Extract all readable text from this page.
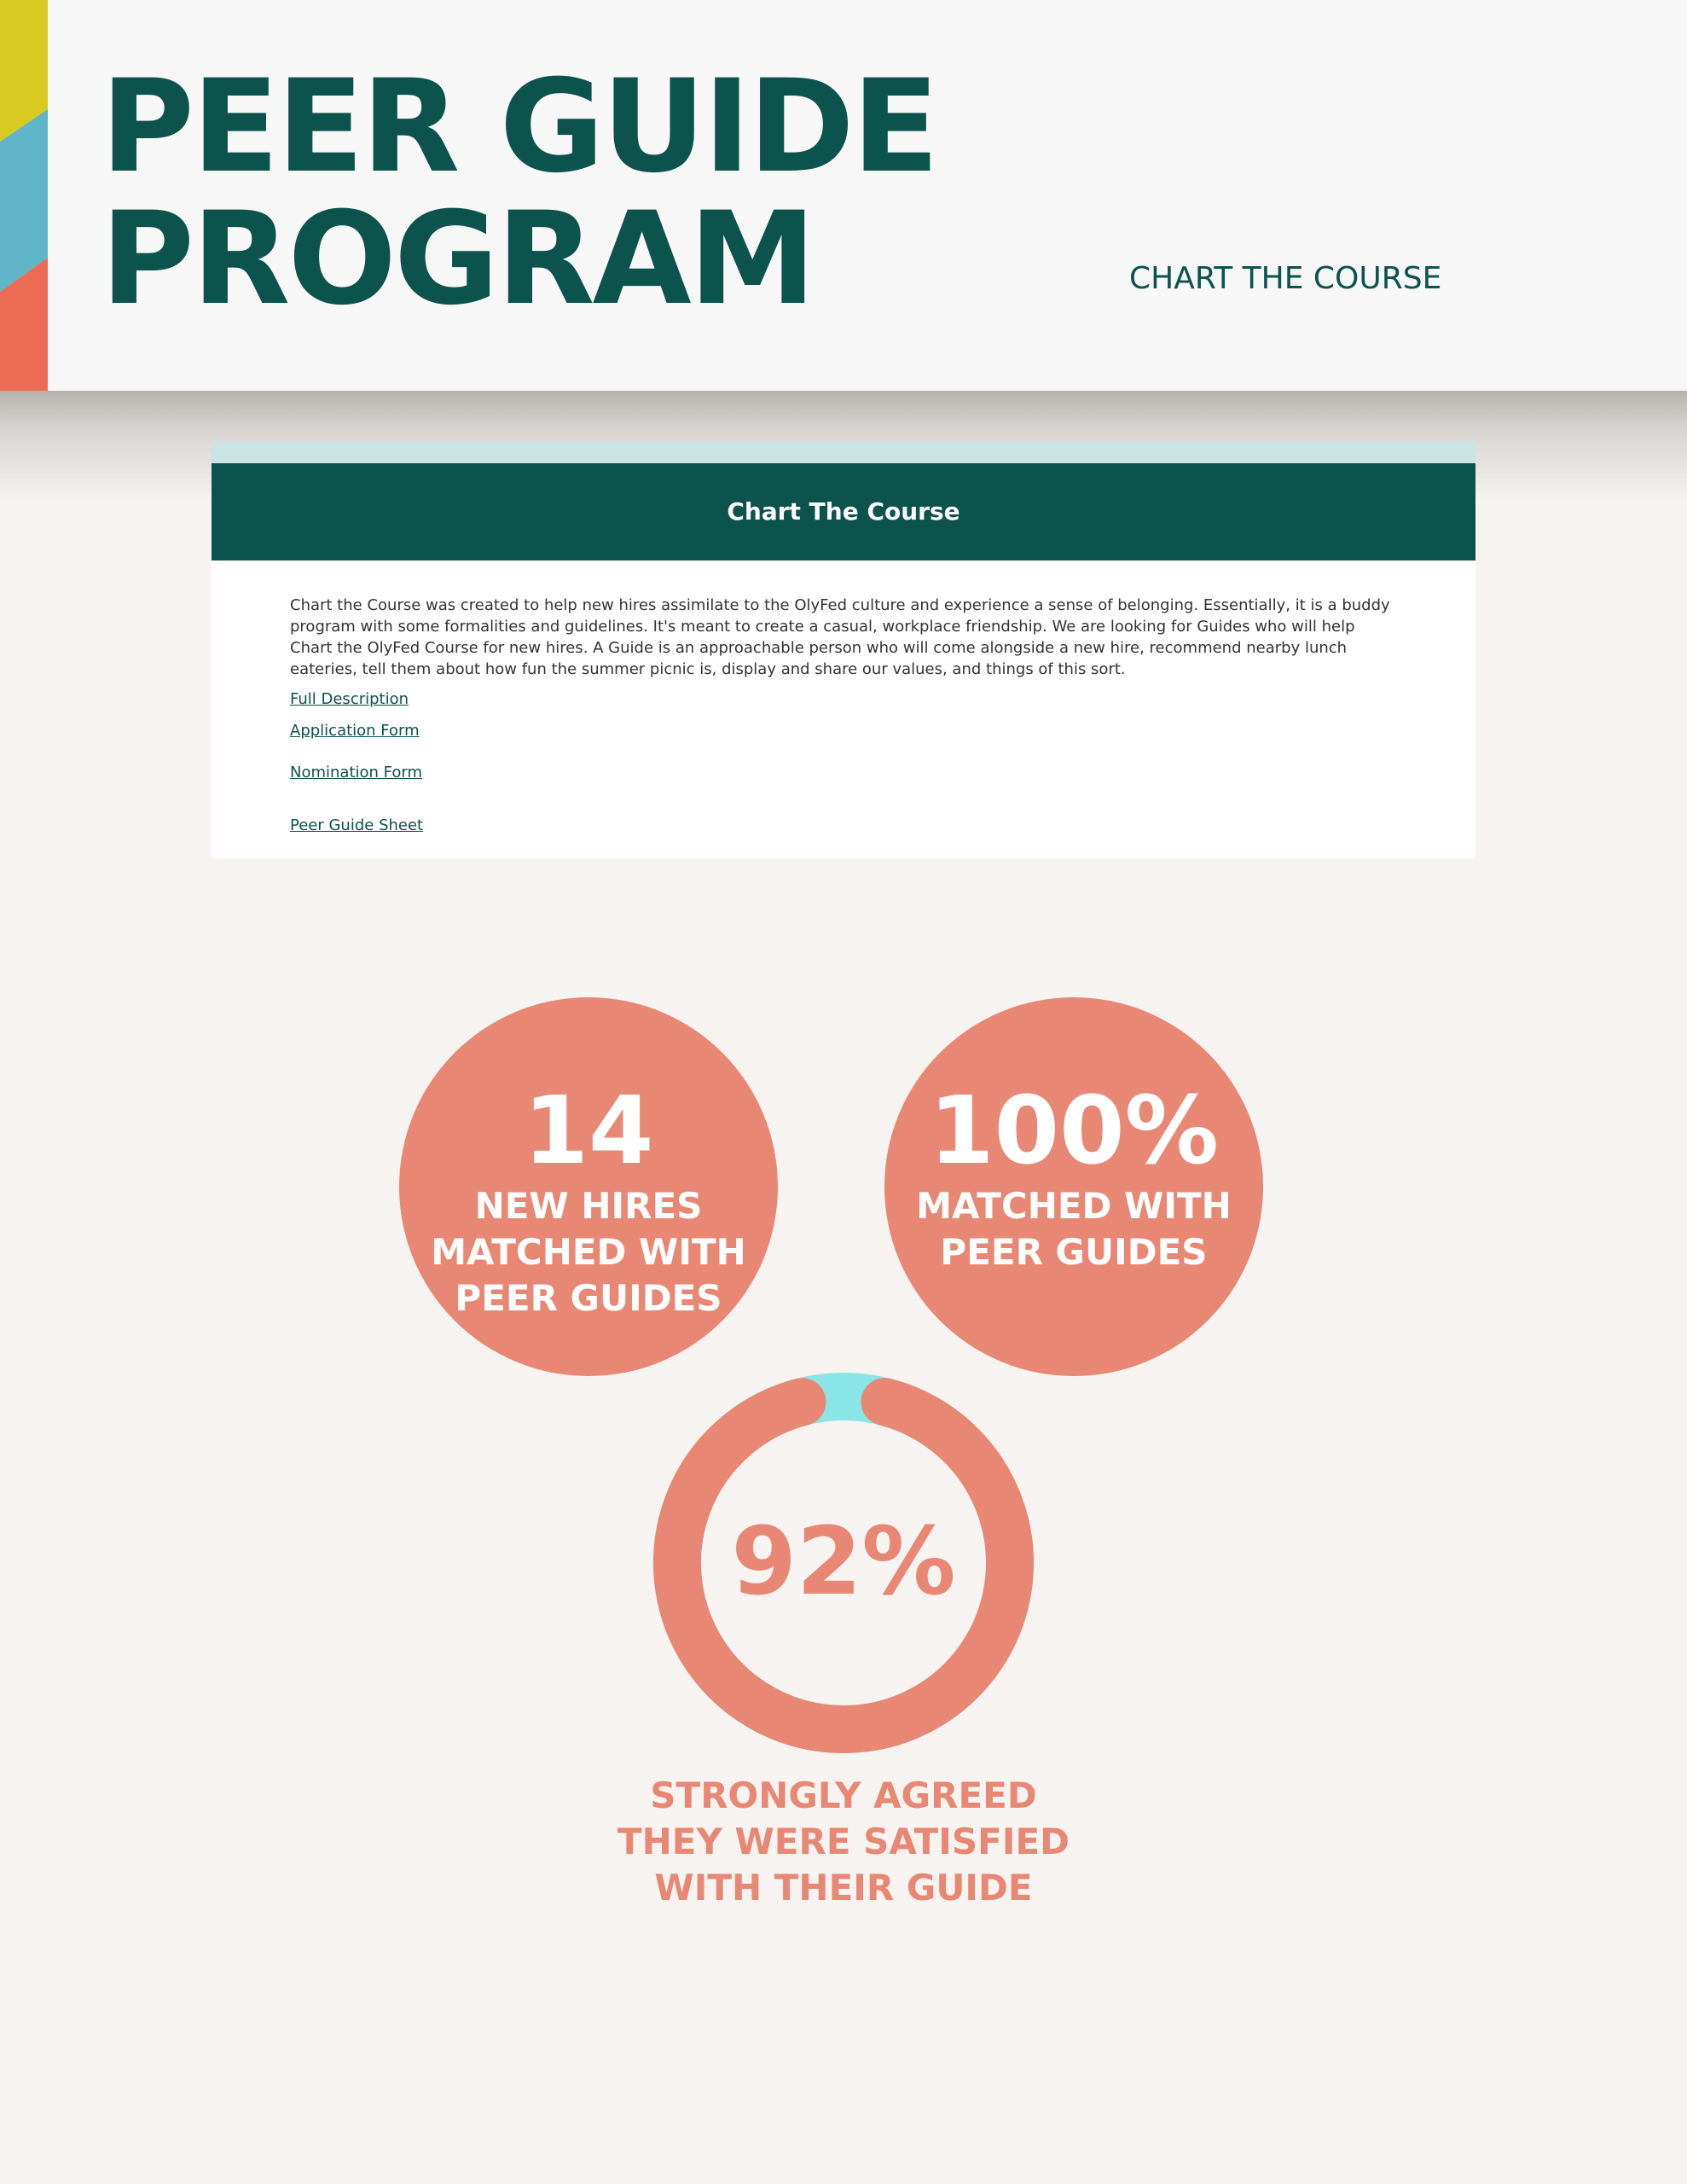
PEER GUIDE
PROGRAM	CHART THE COURSE
Chart The Course

Chart the Course was created to help new hires assimilate to the OlyFed culture and experience a sense of belonging. Essentially, it is a buddy program with some formalities and guidelines. It's meant to create a casual, workplace friendship. We are looking for Guides who will help Chart the OlyFed Course for new hires. A Guide is an approachable person who will come alongside a new hire, recommend nearby lunch eateries, tell them about how fun the summer picnic is, display and share our values, and things of this sort.

Full Description
Application Form
Nomination Form
Peer Guide Sheet
14
NEW HIRES
MATCHED WITH
PEER GUIDES
100%
MATCHED WITH
PEER GUIDES
92%
STRONGLY AGREED
THEY WERE SATISFIED
WITH THEIR GUIDE
